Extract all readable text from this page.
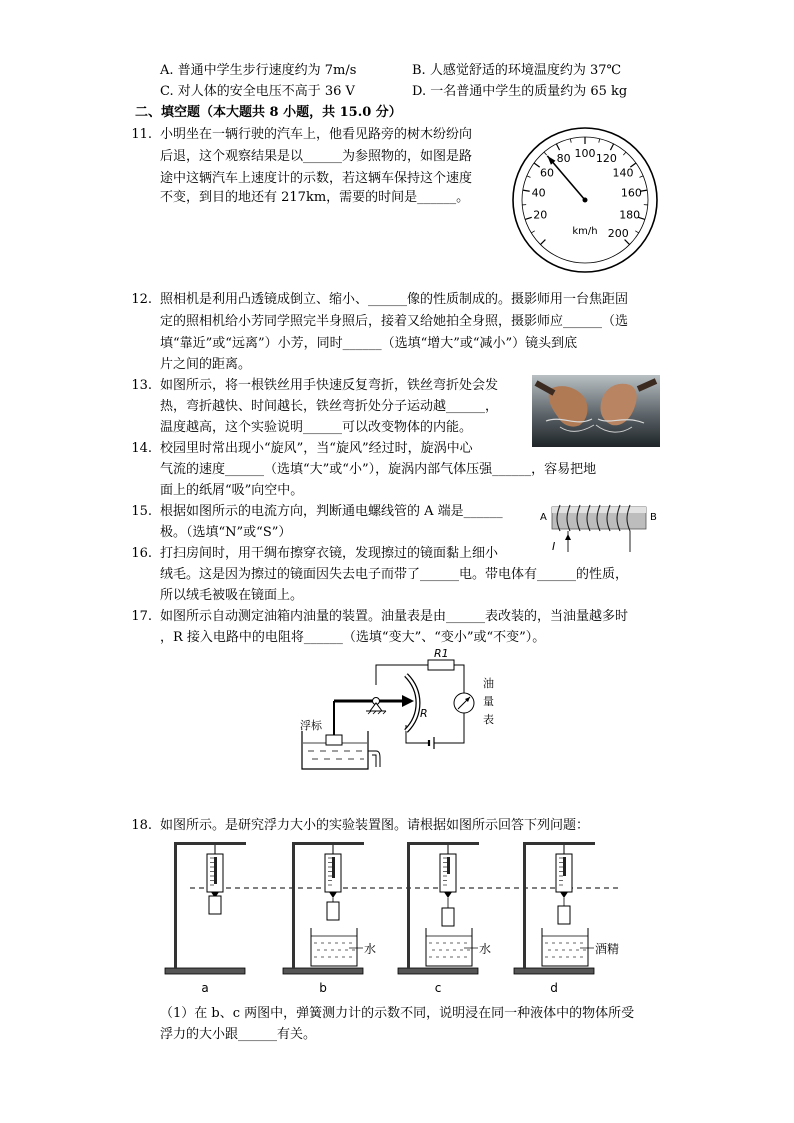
A. 普通中学生步行速度约为 7m/s	B. 人感觉舒适的环境温度约为 37℃
C. 对人体的安全电压不高于 36 V	D. 一名普通中学生的质量约为 65 kg
二、填空题（本大题共 8 小题，共 15.0 分）
11. 小明坐在一辆行驶的汽车上，他看见路旁的树木纷纷向
后退，这个观察结果是以______为参照物的，如图是路
途中这辆汽车上速度计的示数，若这辆车保持这个速度
不变，到目的地还有 217km，需要的时间是______。
20
40
60
80 100 120
140
160
180
200
km/h
12. 照相机是利用凸透镜成倒立、缩小、______像的性质制成的。摄影师用一台焦距固
定的照相机给小芳同学照完半身照后，接着又给她拍全身照，摄影师应______（选
填“靠近”或“远离”）小芳，同时______（选填“增大”或“减小”）镜头到底
片之间的距离。
13. 如图所示，将一根铁丝用手快速反复弯折，铁丝弯折处会发
热，弯折越快、时间越长，铁丝弯折处分子运动越______，
温度越高，这个实验说明______可以改变物体的内能。
14. 校园里时常出现小“旋风”，当“旋风”经过时，旋涡中心
气流的速度______（选填“大”或“小”），旋涡内部气体压强______，容易把地
面上的纸屑“吸”向空中。
15. 根据如图所示的电流方向，判断通电螺线管的 A 端是______
极。（选填“N”或“S”）
A	B
I
16. 打扫房间时，用干绸布擦穿衣镜，发现擦过的镜面黏上细小
绒毛。这是因为擦过的镜面因失去电子而带了______电。带电体有______的性质，
所以绒毛被吸在镜面上。
17. 如图所示自动测定油箱内油量的装置。油量表是由______表改装的，当油量越多时
，R 接入电路中的电阻将______（选填“变大”、“变小”或“不变”）。
R1
油
量
表
R
浮标
18. 如图所示。是研究浮力大小的实验装置图。请根据如图所示回答下列问题：
a
水
b
水
c
酒精
d
（1）在 b、c 两图中，弹簧测力计的示数不同，说明浸在同一种液体中的物体所受
浮力的大小跟______有关。
